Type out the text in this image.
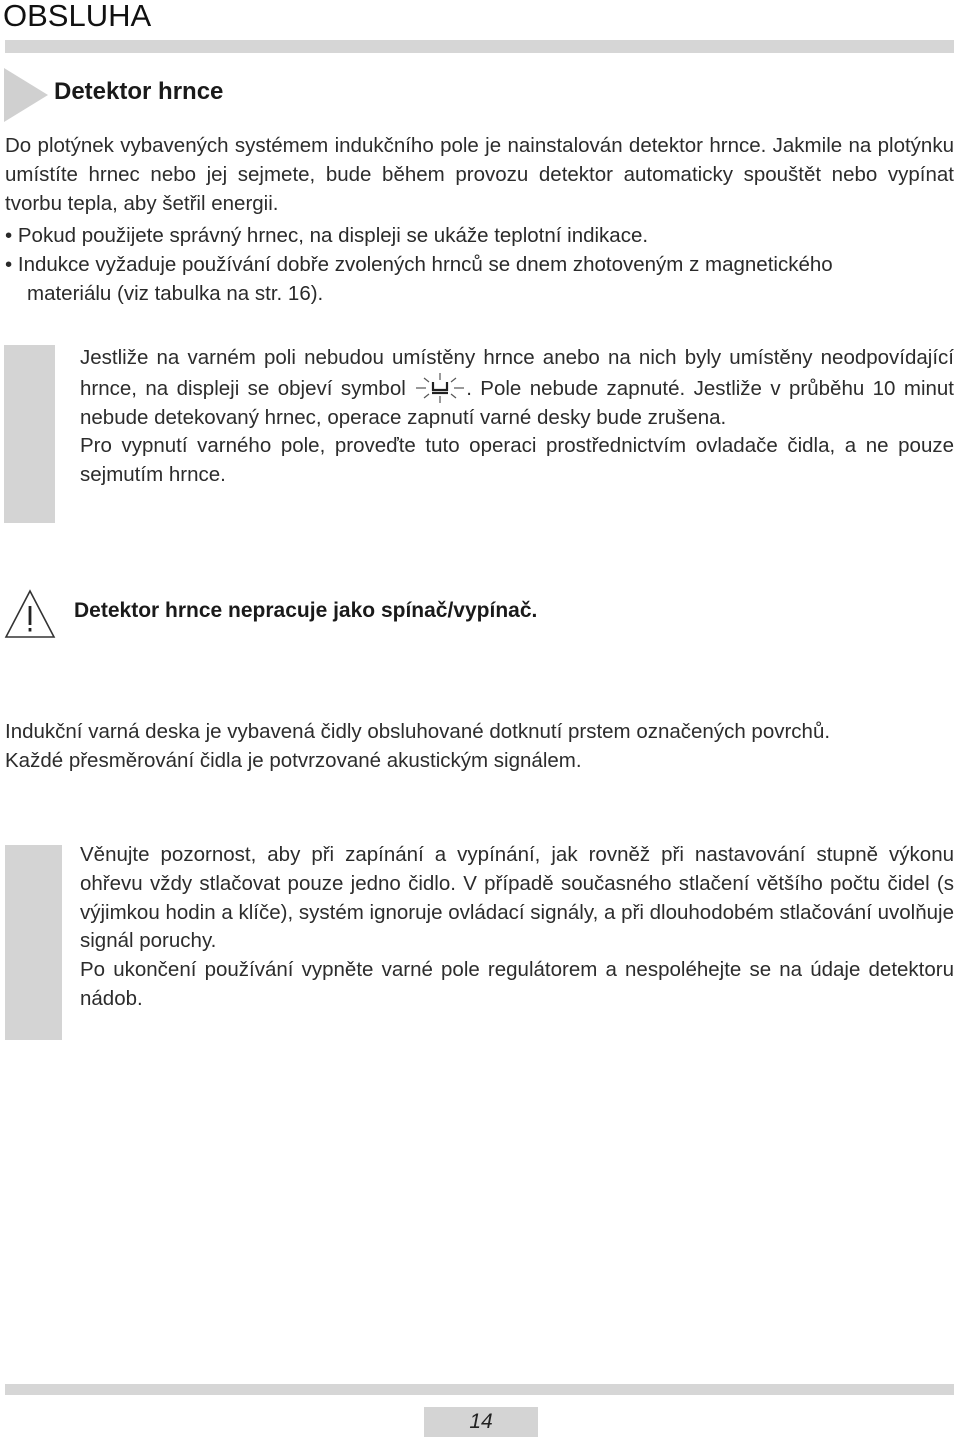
OBSLUHA
Detektor hrnce

Do plotýnek vybavených systémem indukčního pole je nainstalován detektor hrnce. Jakmile na plotýnku umístíte hrnec nebo jej sejmete, bude během provozu detektor automaticky spouštět nebo vypínat tvorbu tepla, aby šetřil energii.

• Pokud použijete správný hrnec, na displeji se ukáže teplotní indikace.

• Indukce vyžaduje používání dobře zvolených hrnců se dnem zhotoveným z magnetického
materiálu (viz tabulka na str. 16).

Jestliže na varném poli nebudou umístěny hrnce anebo na nich byly umístěny neodpovídající hrnce, na displeji se objeví symbol	. Pole nebude zapnuté. Jestliže v průběhu 10 minut nebude detekovaný hrnec, operace zapnutí varné desky bude zrušena.

Pro vypnutí varného pole, proveďte tuto operaci prostřednictvím ovladače čidla, a ne pouze sejmutím hrnce.

Detektor hrnce nepracuje jako spínač/vypínač.

Indukční varná deska je vybavená čidly obsluhované dotknutí prstem označených povrchů.

Každé přesměrování čidla je potvrzované akustickým signálem.

Věnujte pozornost, aby při zapínání a vypínání, jak rovněž při nastavování stupně výkonu ohřevu vždy stlačovat pouze jedno čidlo. V případě současného stlačení většího počtu čidel (s výjimkou hodin a klíče), systém ignoruje ovládací signály, a při dlouhodobém stlačování uvolňuje signál poruchy.

Po ukončení používání vypněte varné pole regulátorem a nespoléhejte se na údaje detektoru nádob.

14
